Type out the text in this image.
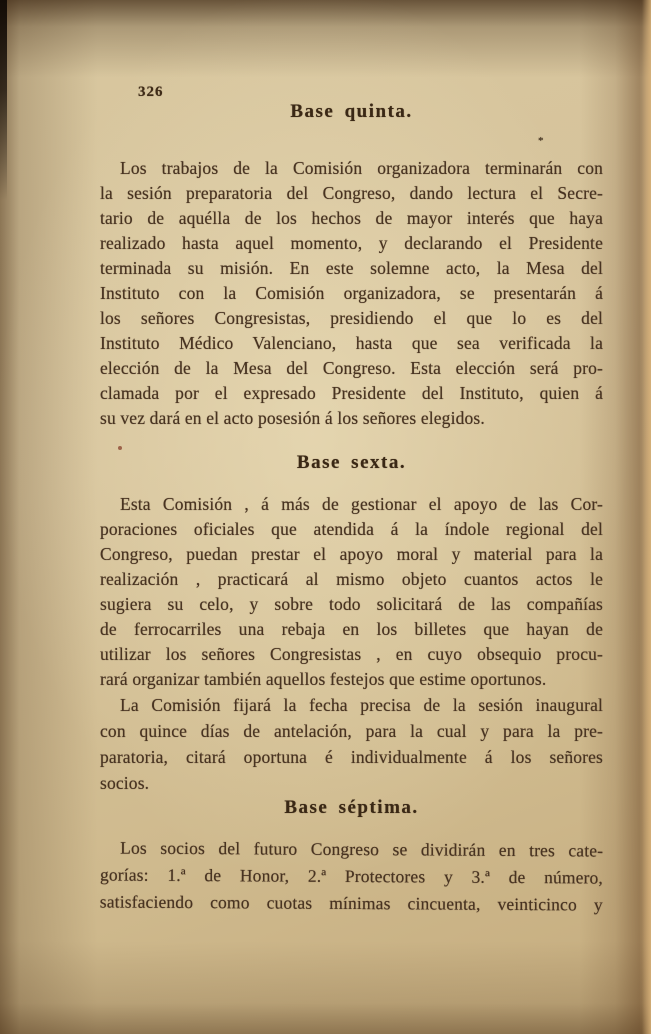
326
*
Base quinta.
Los trabajos de la Comisión organizadora terminarán con
la sesión preparatoria del Congreso, dando lectura el Secre-
tario de aquélla de los hechos de mayor interés que haya
realizado hasta aquel momento, y declarando el Presidente
terminada su misión. En este solemne acto, la Mesa del
Instituto con la Comisión organizadora, se presentarán á
los señores Congresistas, presidiendo el que lo es del
Instituto Médico Valenciano, hasta que sea verificada la
elección de la Mesa del Congreso. Esta elección será pro-
clamada por el expresado Presidente del Instituto, quien á
su vez dará en el acto posesión á los señores elegidos.
Base sexta.
Esta Comisión , á más de gestionar el apoyo de las Cor-
poraciones oficiales que atendida á la índole regional del
Congreso, puedan prestar el apoyo moral y material para la
realización , practicará al mismo objeto cuantos actos le
sugiera su celo, y sobre todo solicitará de las compañías
de ferrocarriles una rebaja en los billetes que hayan de
utilizar los señores Congresistas , en cuyo obsequio procu-
rará organizar también aquellos festejos que estime oportunos.
La Comisión fijará la fecha precisa de la sesión inaugural
con quince días de antelación, para la cual y para la pre-
paratoria, citará oportuna é individualmente á los señores
socios.
Base séptima.
Los socios del futuro Congreso se dividirán en tres cate-
gorías: 1.ª de Honor, 2.ª Protectores y 3.ª de número,
satisfaciendo como cuotas mínimas cincuenta, veinticinco y
